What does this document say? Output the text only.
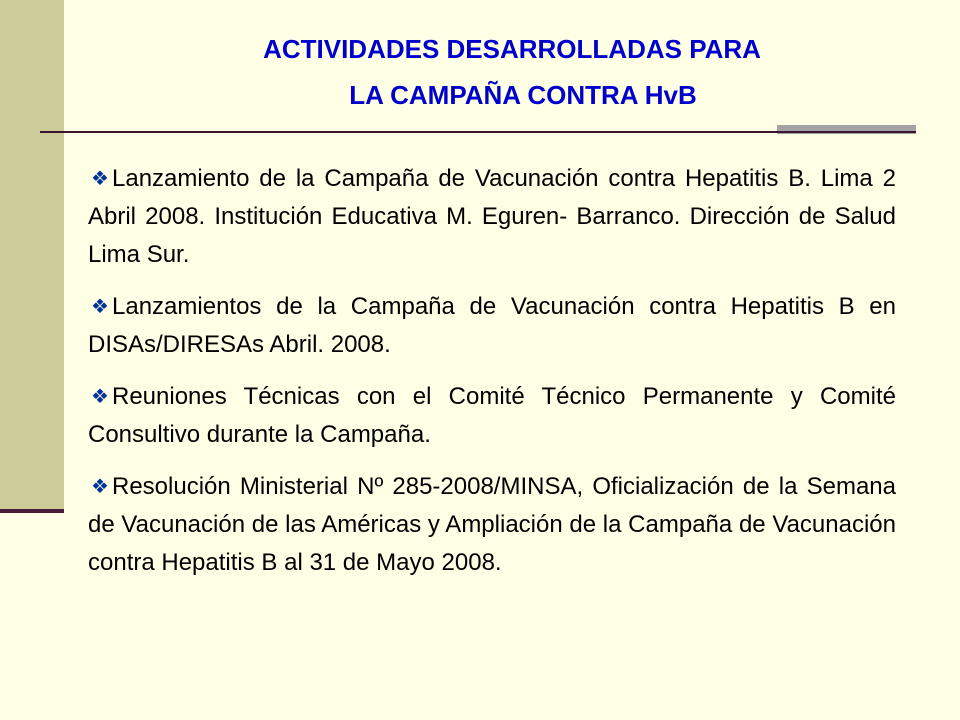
ACTIVIDADES DESARROLLADAS PARA
LA CAMPAÑA CONTRA HvB

❖ Lanzamiento de la Campaña de Vacunación contra Hepatitis B. Lima 2 Abril 2008. Institución Educativa M. Eguren- Barranco. Dirección de Salud Lima Sur.

❖ Lanzamientos de la Campaña de Vacunación contra Hepatitis B en DISAs/DIRESAs Abril. 2008.

❖ Reuniones Técnicas con el Comité Técnico Permanente y Comité Consultivo durante la Campaña.

❖ Resolución Ministerial Nº 285-2008/MINSA, Oficialización de la Semana de Vacunación de las Américas y Ampliación de la Campaña de Vacunación contra Hepatitis B al 31 de Mayo 2008.
